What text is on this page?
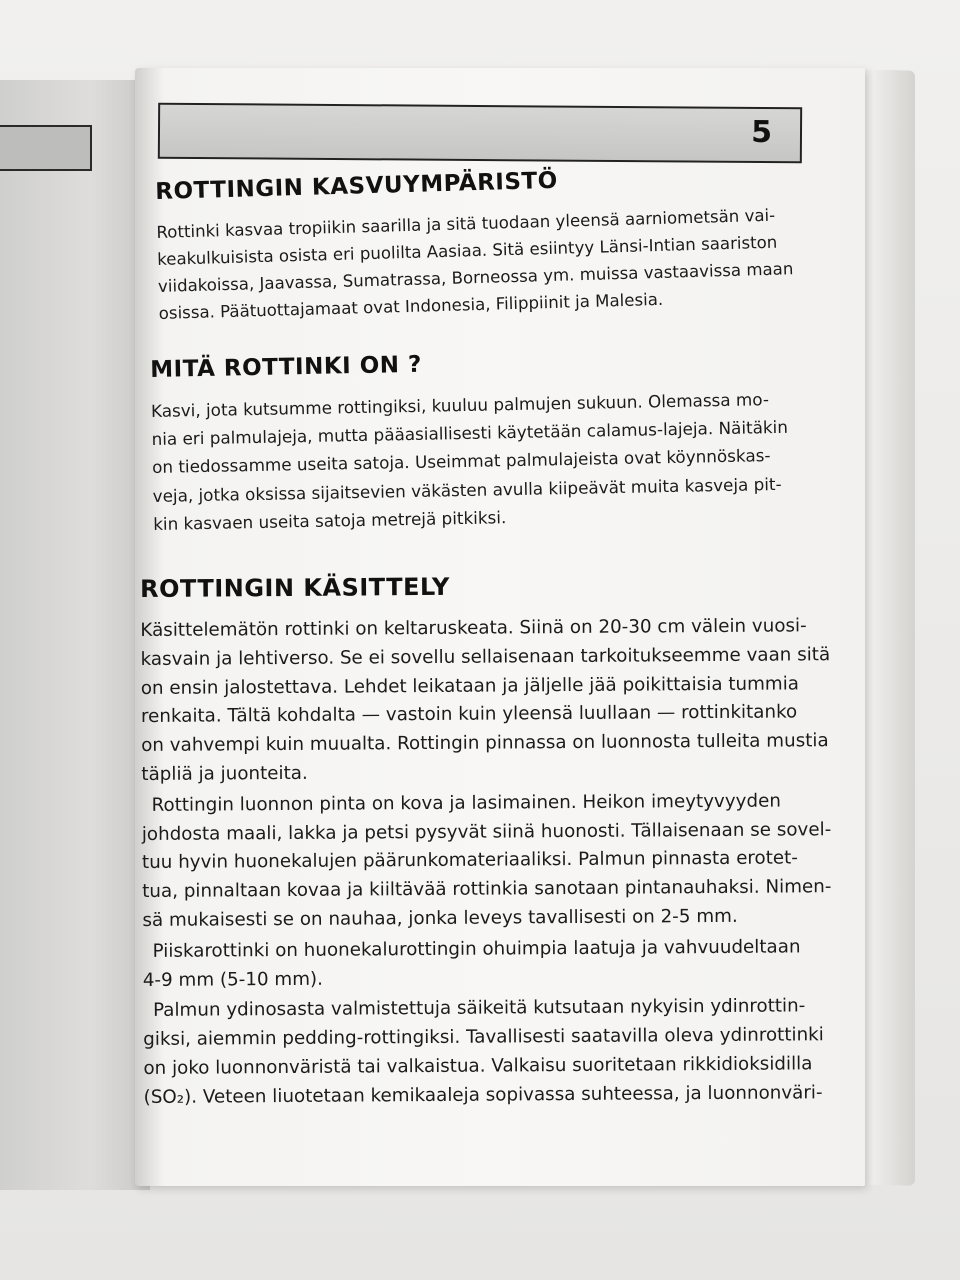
5
ROTTINGIN KASVUYMPÄRISTÖ

Rottinki kasvaa tropiikin saarilla ja sitä tuodaan yleensä aarniometsän vai-
keakulkuisista osista eri puolilta Aasiaa. Sitä esiintyy Länsi-Intian saariston
viidakoissa, Jaavassa, Sumatrassa, Borneossa ym. muissa vastaavissa maan
osissa. Päätuottajamaat ovat Indonesia, Filippiinit ja Malesia.

MITÄ ROTTINKI ON ?

Kasvi, jota kutsumme rottingiksi, kuuluu palmujen sukuun. Olemassa mo-
nia eri palmulajeja, mutta pääasiallisesti käytetään calamus-lajeja. Näitäkin
on tiedossamme useita satoja. Useimmat palmulajeista ovat köynnöskas-
veja, jotka oksissa sijaitsevien väkästen avulla kiipeävät muita kasveja pit-
kin kasvaen useita satoja metrejä pitkiksi.

ROTTINGIN KÄSITTELY

Käsittelemätön rottinki on keltaruskeata. Siinä on 20-30 cm välein vuosi-
kasvain ja lehtiverso. Se ei sovellu sellaisenaan tarkoitukseemme vaan sitä
on ensin jalostettava. Lehdet leikataan ja jäljelle jää poikittaisia tummia
renkaita. Tältä kohdalta — vastoin kuin yleensä luullaan — rottinkitanko
on vahvempi kuin muualta. Rottingin pinnassa on luonnosta tulleita mustia
täpliä ja juonteita.

Rottingin luonnon pinta on kova ja lasimainen. Heikon imeytyvyyden
johdosta maali, lakka ja petsi pysyvät siinä huonosti. Tällaisenaan se sovel-
tuu hyvin huonekalujen päärunkomateriaaliksi. Palmun pinnasta erotet-
tua, pinnaltaan kovaa ja kiiltävää rottinkia sanotaan pintanauhaksi. Nimen-
sä mukaisesti se on nauhaa, jonka leveys tavallisesti on 2-5 mm.

Piiskarottinki on huonekalurottingin ohuimpia laatuja ja vahvuudeltaan
4-9 mm (5-10 mm).

Palmun ydinosasta valmistettuja säikeitä kutsutaan nykyisin ydinrottin-
giksi, aiemmin pedding-rottingiksi. Tavallisesti saatavilla oleva ydinrottinki
on joko luonnonväristä tai valkaistua. Valkaisu suoritetaan rikkidioksidilla
(SO₂). Veteen liuotetaan kemikaaleja sopivassa suhteessa, ja luonnonväri-
